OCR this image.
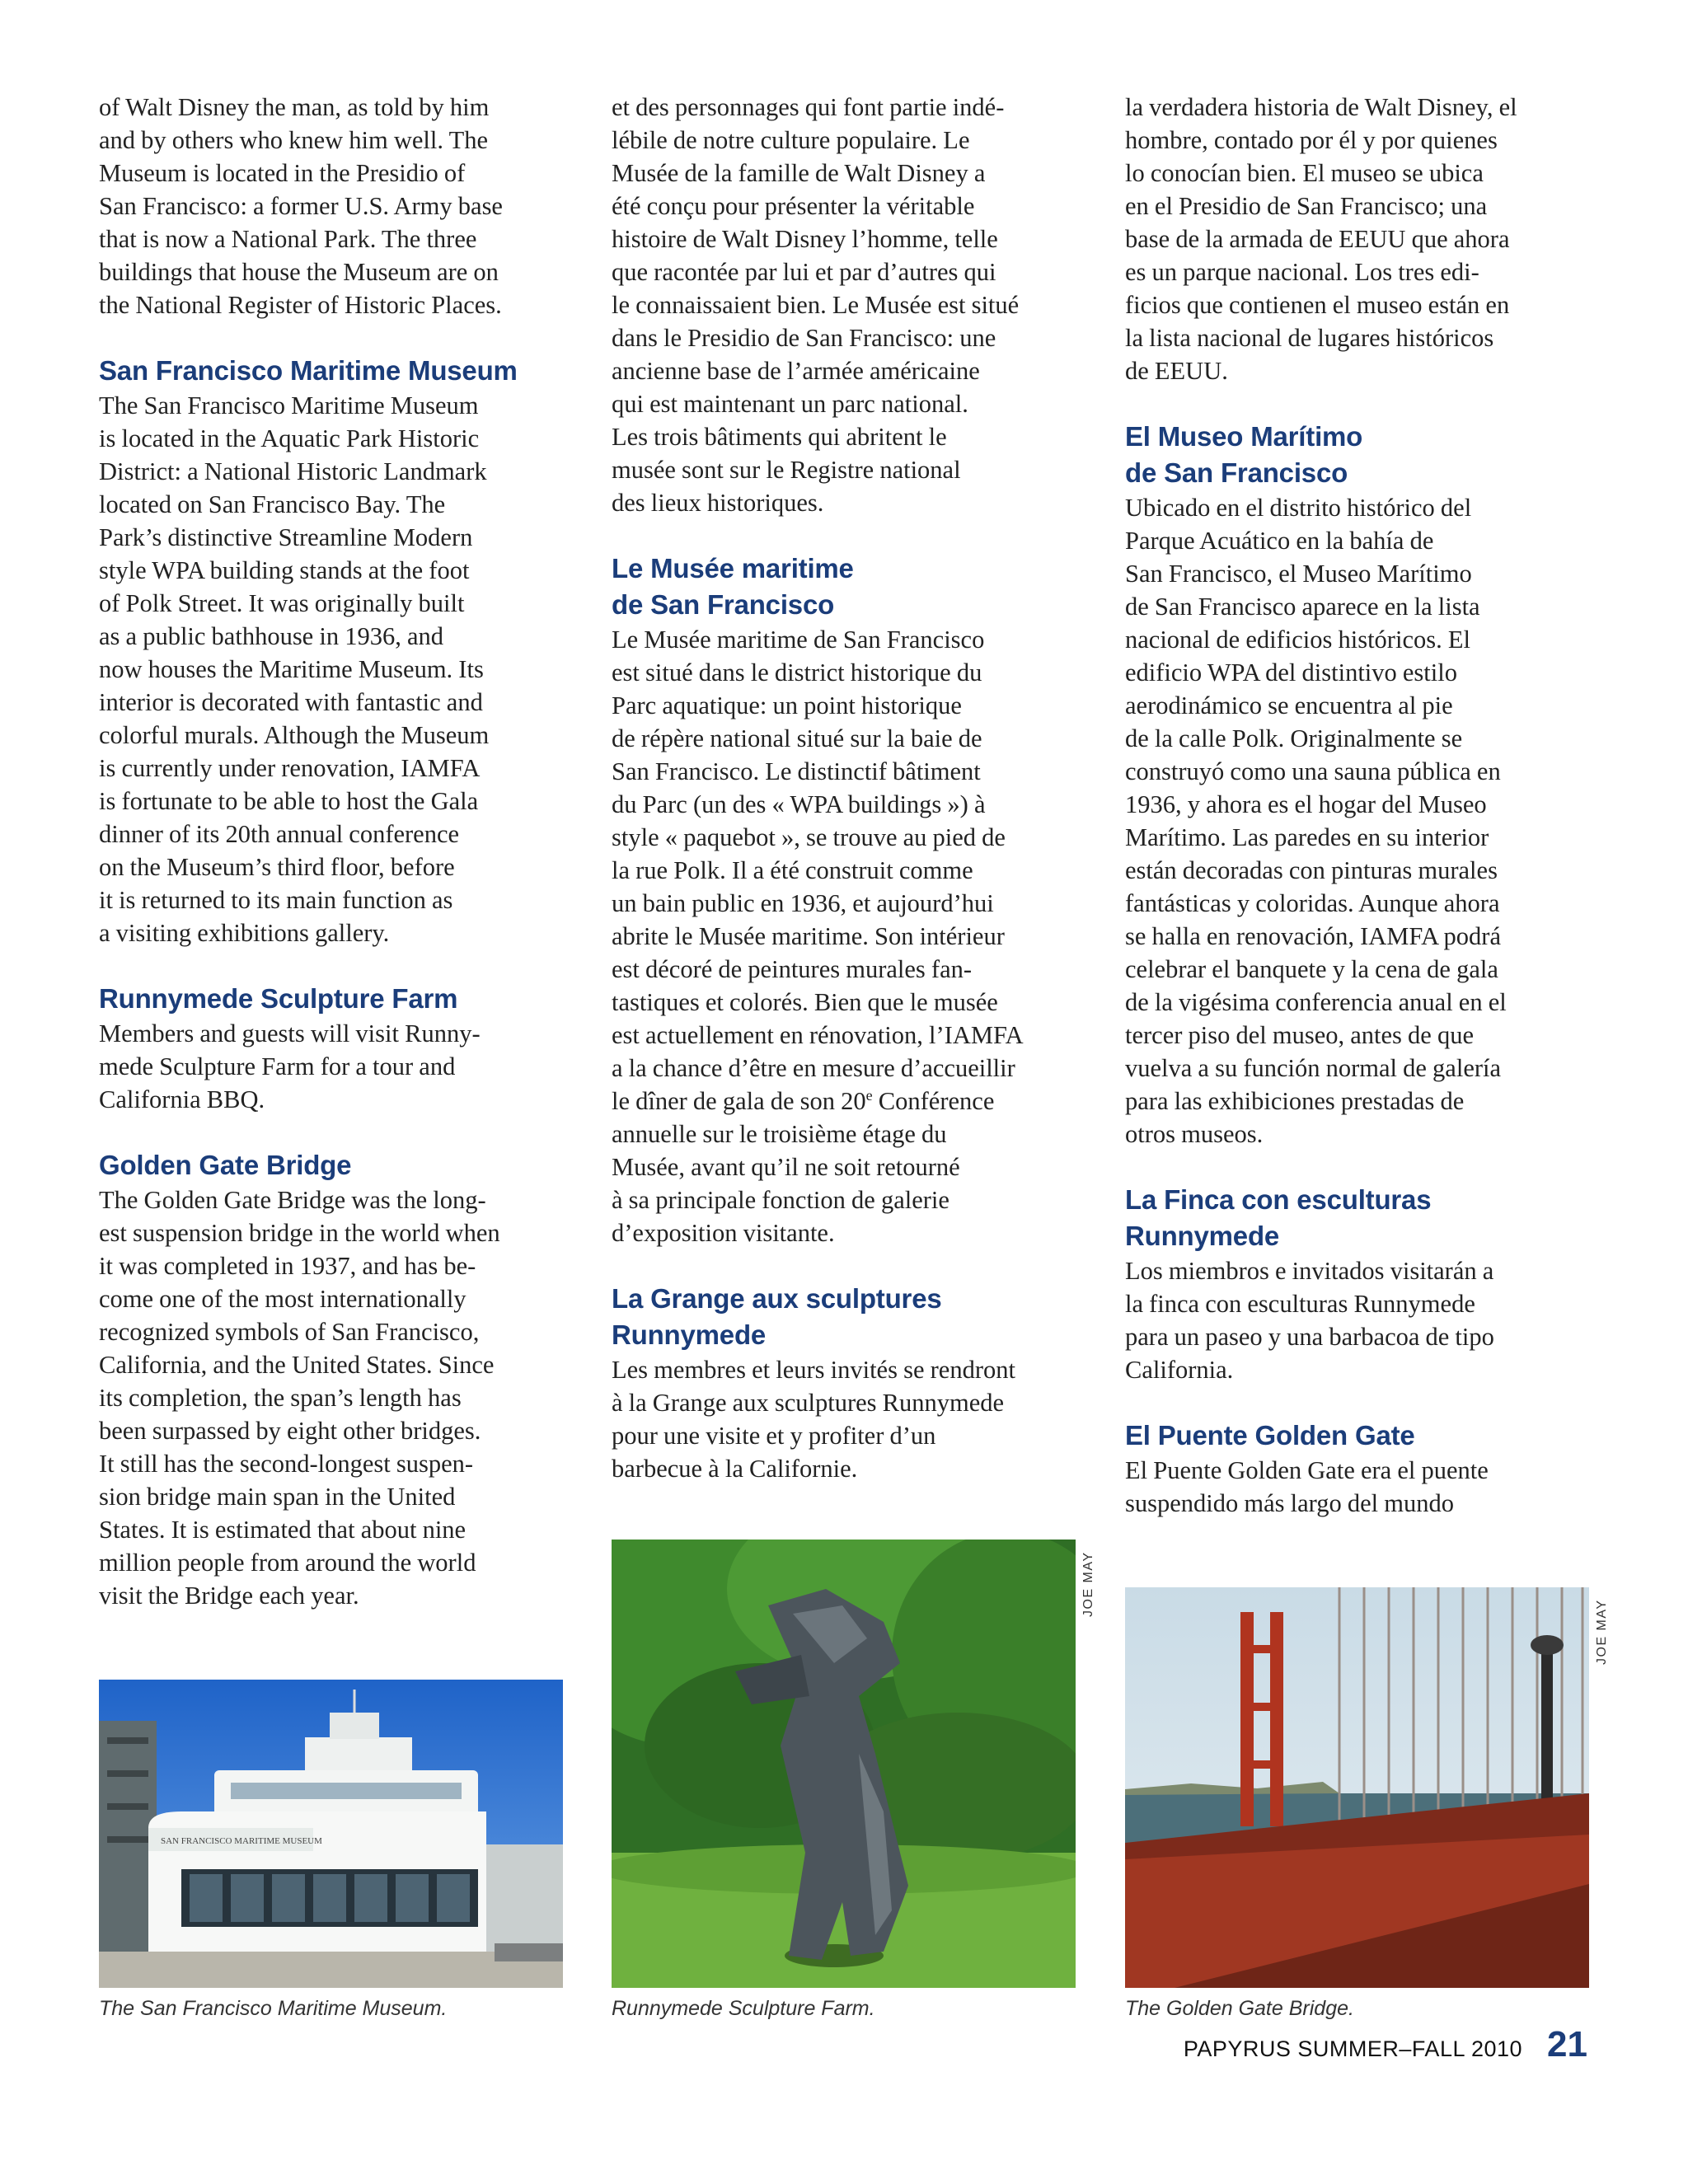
of Walt Disney the man, as told by him
and by others who knew him well. The
Museum is located in the Presidio of
San Francisco: a former U.S. Army base
that is now a National Park. The three
buildings that house the Museum are on
the National Register of Historic Places.

San Francisco Maritime Museum

The San Francisco Maritime Museum
is located in the Aquatic Park Historic
District: a National Historic Landmark
located on San Francisco Bay. The
Park’s distinctive Streamline Modern
style WPA building stands at the foot
of Polk Street. It was originally built
as a public bathhouse in 1936, and
now houses the Maritime Museum. Its
interior is decorated with fantastic and
colorful murals. Although the Museum
is currently under renovation, IAMFA
is fortunate to be able to host the Gala
dinner of its 20th annual conference
on the Museum’s third floor, before
it is returned to its main function as
a visiting exhibitions gallery.

Runnymede Sculpture Farm

Members and guests will visit Runny-
mede Sculpture Farm for a tour and
California BBQ.

Golden Gate Bridge

The Golden Gate Bridge was the long-
est suspension bridge in the world when
it was completed in 1937, and has be-
come one of the most internationally
recognized symbols of San Francisco,
California, and the United States. Since
its completion, the span’s length has
been surpassed by eight other bridges.
It still has the second-longest suspen-
sion bridge main span in the United
States. It is estimated that about nine
million people from around the world
visit the Bridge each year.

et des personnages qui font partie indé-
lébile de notre culture populaire. Le
Musée de la famille de Walt Disney a
été conçu pour présenter la véritable
histoire de Walt Disney l’homme, telle
que racontée par lui et par d’autres qui
le connaissaient bien. Le Musée est situé
dans le Presidio de San Francisco: une
ancienne base de l’armée américaine
qui est maintenant un parc national.
Les trois bâtiments qui abritent le
musée sont sur le Registre national
des lieux historiques.

Le Musée maritime
de San Francisco

Le Musée maritime de San Francisco
est situé dans le district historique du
Parc aquatique: un point historique
de répère national situé sur la baie de
San Francisco. Le distinctif bâtiment
du Parc (un des « WPA buildings ») à
style « paquebot », se trouve au pied de
la rue Polk. Il a été construit comme
un bain public en 1936, et aujourd’hui
abrite le Musée maritime. Son intérieur
est décoré de peintures murales fan-
tastiques et colorés. Bien que le musée
est actuellement en rénovation, l’IAMFA
a la chance d’être en mesure d’accueillir
le dîner de gala de son 20e Conférence
annuelle sur le troisième étage du
Musée, avant qu’il ne soit retourné
à sa principale fonction de galerie
d’exposition visitante.

La Grange aux sculptures
Runnymede

Les membres et leurs invités se rendront
à la Grange aux sculptures Runnymede
pour une visite et y profiter d’un
barbecue à la Californie.

la verdadera historia de Walt Disney, el
hombre, contado por él y por quienes
lo conocían bien. El museo se ubica
en el Presidio de San Francisco; una
base de la armada de EEUU que ahora
es un parque nacional. Los tres edi-
ficios que contienen el museo están en
la lista nacional de lugares históricos
de EEUU.

El Museo Marítimo
de San Francisco

Ubicado en el distrito histórico del
Parque Acuático en la bahía de
San Francisco, el Museo Marítimo
de San Francisco aparece en la lista
nacional de edificios históricos. El
edificio WPA del distintivo estilo
aerodinámico se encuentra al pie
de la calle Polk. Originalmente se
construyó como una sauna pública en
1936, y ahora es el hogar del Museo
Marítimo. Las paredes en su interior
están decoradas con pinturas murales
fantásticas y coloridas. Aunque ahora
se halla en renovación, IAMFA podrá
celebrar el banquete y la cena de gala
de la vigésima conferencia anual en el
tercer piso del museo, antes de que
vuelva a su función normal de galería
para las exhibiciones prestadas de
otros museos.

La Finca con esculturas
Runnymede

Los miembros e invitados visitarán a
la finca con esculturas Runnymede
para un paseo y una barbacoa de tipo
California.

El Puente Golden Gate

El Puente Golden Gate era el puente
suspendido más largo del mundo

SAN FRANCISCO MARITIME MUSEUM
The San Francisco Maritime Museum.
JOE MAY
Runnymede Sculpture Farm.
JOE MAY
The Golden Gate Bridge.
PAPYRUS SUMMER–FALL 2010 21
